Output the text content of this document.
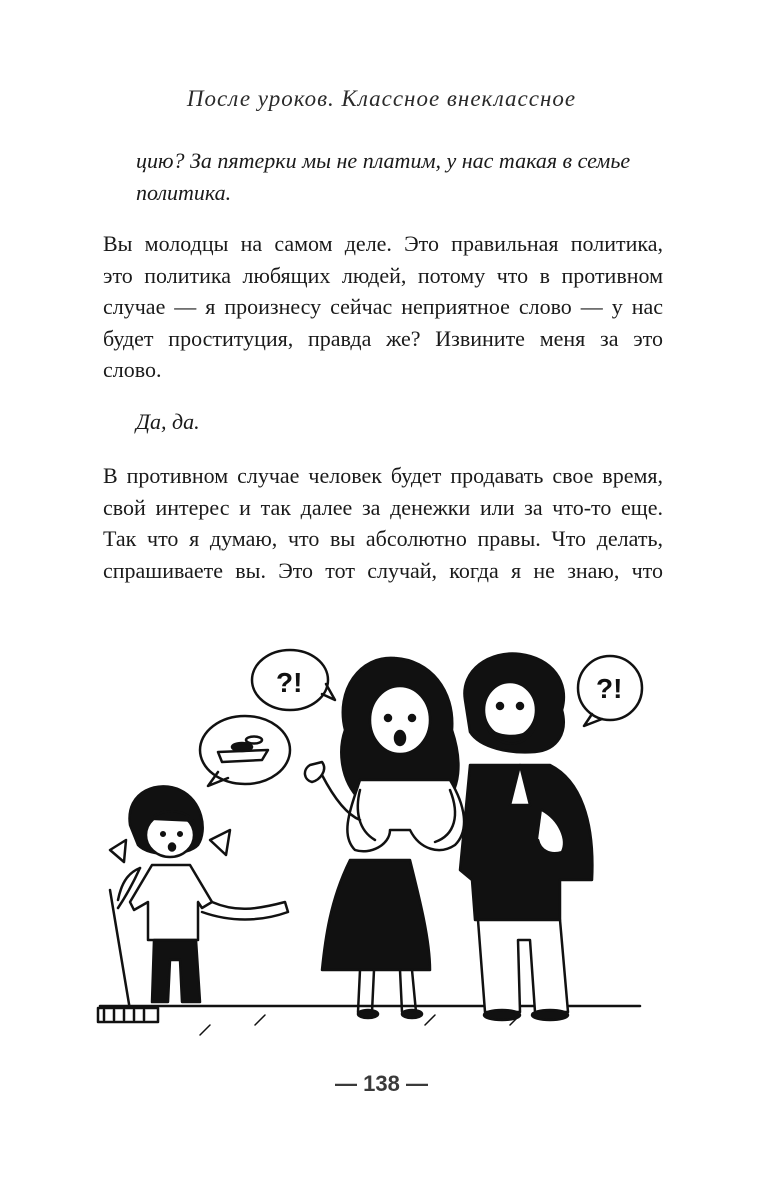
После уроков. Классное внеклассное
цию? За пятерки мы не платим, у нас такая в семье
политика.
Вы молодцы на самом деле. Это правильная политика,
это политика любящих людей, потому что в противном
случае — я произнесу сейчас неприятное слово — у нас
будет проституция, правда же? Извините меня за это
слово.
Да, да.
В противном случае человек будет продавать свое время,
свой интерес и так далее за денежки или за что-то еще.
Так что я думаю, что вы абсолютно правы. Что делать,
спрашиваете вы. Это тот случай, когда я не знаю, что
?!	?!
— 138 —
